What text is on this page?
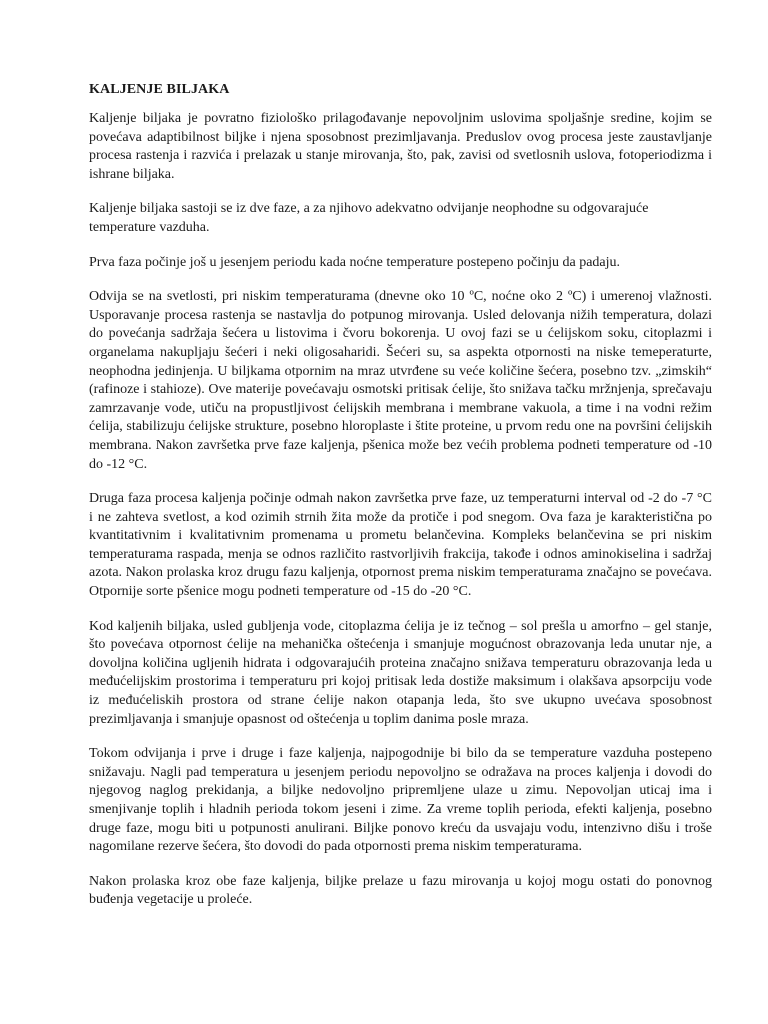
KALJENJE BILJAKA

Kaljenje biljaka je povratno fiziološko prilagođavanje nepovoljnim uslovima spoljašnje sredine, kojim se povećava adaptibilnost biljke i njena sposobnost prezimljavanja. Preduslov ovog procesa jeste zaustavljanje procesa rastenja i razvića i prelazak u stanje mirovanja, što, pak, zavisi od svetlosnih uslova, fotoperiodizma i ishrane biljaka.

Kaljenje biljaka sastoji se iz dve faze, a za njihovo adekvatno odvijanje neophodne su odgovarajuće temperature vazduha.

Prva faza počinje još u jesenjem periodu kada noćne temperature postepeno počinju da padaju.

Odvija se na svetlosti, pri niskim temperaturama (dnevne oko 10 ºC, noćne oko 2 ºC) i umerenoj vlažnosti. Usporavanje procesa rastenja se nastavlja do potpunog mirovanja. Usled delovanja nižih temperatura, dolazi do povećanja sadržaja šećera u listovima i čvoru bokorenja. U ovoj fazi se u ćelijskom soku, citoplazmi i organelama nakupljaju šećeri i neki oligosaharidi. Šećeri su, sa aspekta otpornosti na niske temeperaturte, neophodna jedinjenja. U biljkama otpornim na mraz utvrđene su veće količine šećera, posebno tzv. „zimskih“ (rafinoze i stahioze). Ove materije povećavaju osmotski pritisak ćelije, što snižava tačku mržnjenja, sprečavaju zamrzavanje vode, utiču na propustljivost ćelijskih membrana i membrane vakuola, a time i na vodni režim ćelija, stabilizuju ćelijske strukture, posebno hloroplaste i štite proteine, u prvom redu one na površini ćelijskih membrana. Nakon završetka prve faze kaljenja, pšenica može bez većih problema podneti temperature od -10 do -12 °C.

Druga faza procesa kaljenja počinje odmah nakon završetka prve faze, uz temperaturni interval od -2 do -7 °C i ne zahteva svetlost, a kod ozimih strnih žita može da protiče i pod snegom. Ova faza je karakteristična po kvantitativnim i kvalitativnim promenama u prometu belančevina. Kompleks belančevina se pri niskim temperaturama raspada, menja se odnos različito rastvorljivih frakcija, takođe i odnos aminokiselina i sadržaj azota. Nakon prolaska kroz drugu fazu kaljenja, otpornost prema niskim temperaturama značajno se povećava. Otpornije sorte pšenice mogu podneti temperature od -15 do -20 °C.

Kod kaljenih biljaka, usled gubljenja vode, citoplazma ćelija je iz tečnog – sol prešla u amorfno – gel stanje, što povećava otpornost ćelije na mehanička oštećenja i smanjuje mogućnost obrazovanja leda unutar nje, a dovoljna količina ugljenih hidrata i odgovarajućih proteina značajno snižava temperaturu obrazovanja leda u međućelijskim prostorima i temperaturu pri kojoj pritisak leda dostiže maksimum i olakšava apsorpciju vode iz međućeliskih prostora od strane ćelije nakon otapanja leda, što sve ukupno uvećava sposobnost prezimljavanja i smanjuje opasnost od oštećenja u toplim danima posle mraza.

Tokom odvijanja i prve i druge i faze kaljenja, najpogodnije bi bilo da se temperature vazduha postepeno snižavaju. Nagli pad temperatura u jesenjem periodu nepovoljno se odražava na proces kaljenja i dovodi do njegovog naglog prekidanja, a biljke nedovoljno pripremljene ulaze u zimu. Nepovoljan uticaj ima i smenjivanje toplih i hladnih perioda tokom jeseni i zime. Za vreme toplih perioda, efekti kaljenja, posebno druge faze, mogu biti u potpunosti anulirani. Biljke ponovo kreću da usvajaju vodu, intenzivno dišu i troše nagomilane rezerve šećera, što dovodi do pada otpornosti prema niskim temperaturama.

Nakon prolaska kroz obe faze kaljenja, biljke prelaze u fazu mirovanja u kojoj mogu ostati do ponovnog buđenja vegetacije u proleće.
